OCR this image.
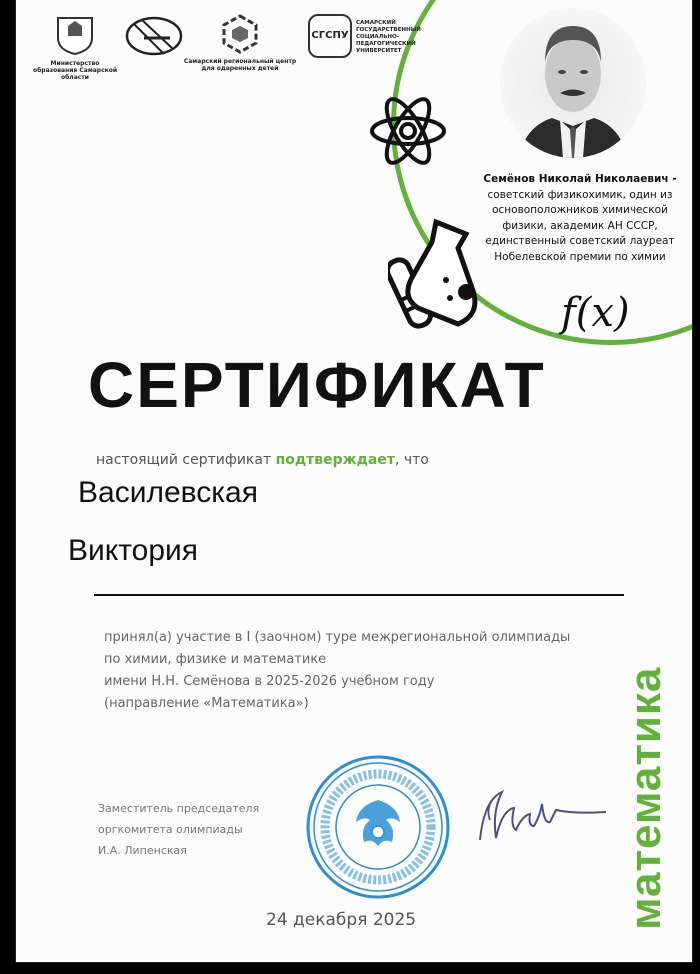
Министерство образования Самарской области
Самарский региональный центр для одаренных детей
СГСПУ
САМАРСКИЙ ГОСУДАРСТВЕННЫЙ СОЦИАЛЬНО-ПЕДАГОГИЧЕСКИЙ УНИВЕРСИТЕТ
Семёнов Николай Николаевич -
советский физикохимик, один из
основоположников химической
физики, академик АН СССР,
единственный советский лауреат
Нобелевской премии по химии
f(x)
СЕРТИФИКАТ
настоящий сертификат подтверждает, что
Василевская
Виктория
принял(а) участие в I (заочном) туре межрегиональной олимпиады
по химии, физике и математике
имени Н.Н. Семёнова в 2025-2026 учебном году
(направление «Математика»)	математика
Заместитель председателя
оргкомитета олимпиады
И.А. Липенская
24 декабря 2025
